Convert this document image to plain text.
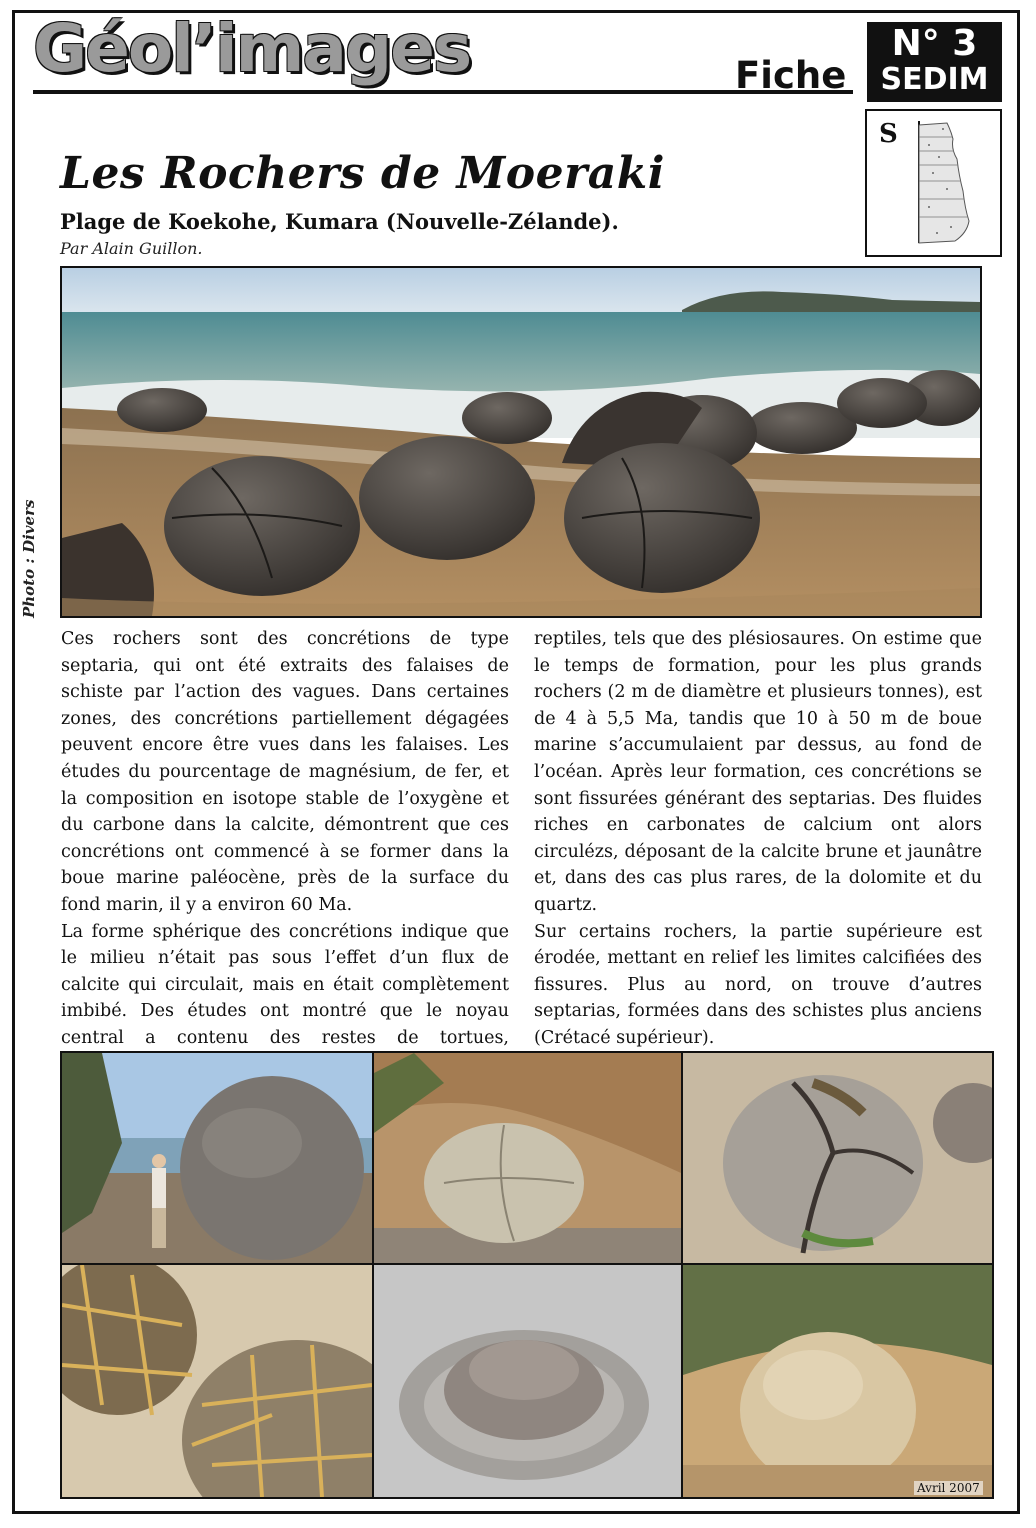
Géol’images	Fiche
N° 3
SEDIM
S
Les Rochers de Moeraki
Plage de Koekohe, Kumara (Nouvelle-Zélande).
Par Alain Guillon.
Photo : Divers

Ces rochers sont des concrétions de type septaria, qui ont été extraits des falaises de schiste par l’action des vagues. Dans certaines zones, des concrétions partiellement dégagées peuvent encore être vues dans les falaises. Les études du pourcentage de magnésium, de fer, et la composition en isotope stable de l’oxygène et du carbone dans la calcite, démontrent que ces concrétions ont commencé à se former dans la boue marine paléocène, près de la surface du fond marin, il y a environ 60 Ma.

La forme sphérique des concrétions indique que le milieu n’était pas sous l’effet d’un flux de calcite qui circulait, mais en était complètement imbibé. Des études ont montré que le noyau central a contenu des restes de tortues,

reptiles, tels que des plésiosaures. On estime que le temps de formation, pour les plus grands rochers (2 m de diamètre et plusieurs tonnes), est de 4 à 5,5 Ma, tandis que 10 à 50 m de boue marine s’accumulaient par dessus, au fond de l’océan. Après leur formation, ces concrétions se sont fissurées générant des septarias. Des fluides riches en carbonates de calcium ont alors circulézs, déposant de la calcite brune et jaunâtre et, dans des cas plus rares, de la dolomite et du quartz.

Sur certains rochers, la partie supérieure est érodée, mettant en relief les limites calcifiées des fissures. Plus au nord, on trouve d’autres septarias, formées dans des schistes plus anciens (Crétacé supérieur).

Avril 2007
